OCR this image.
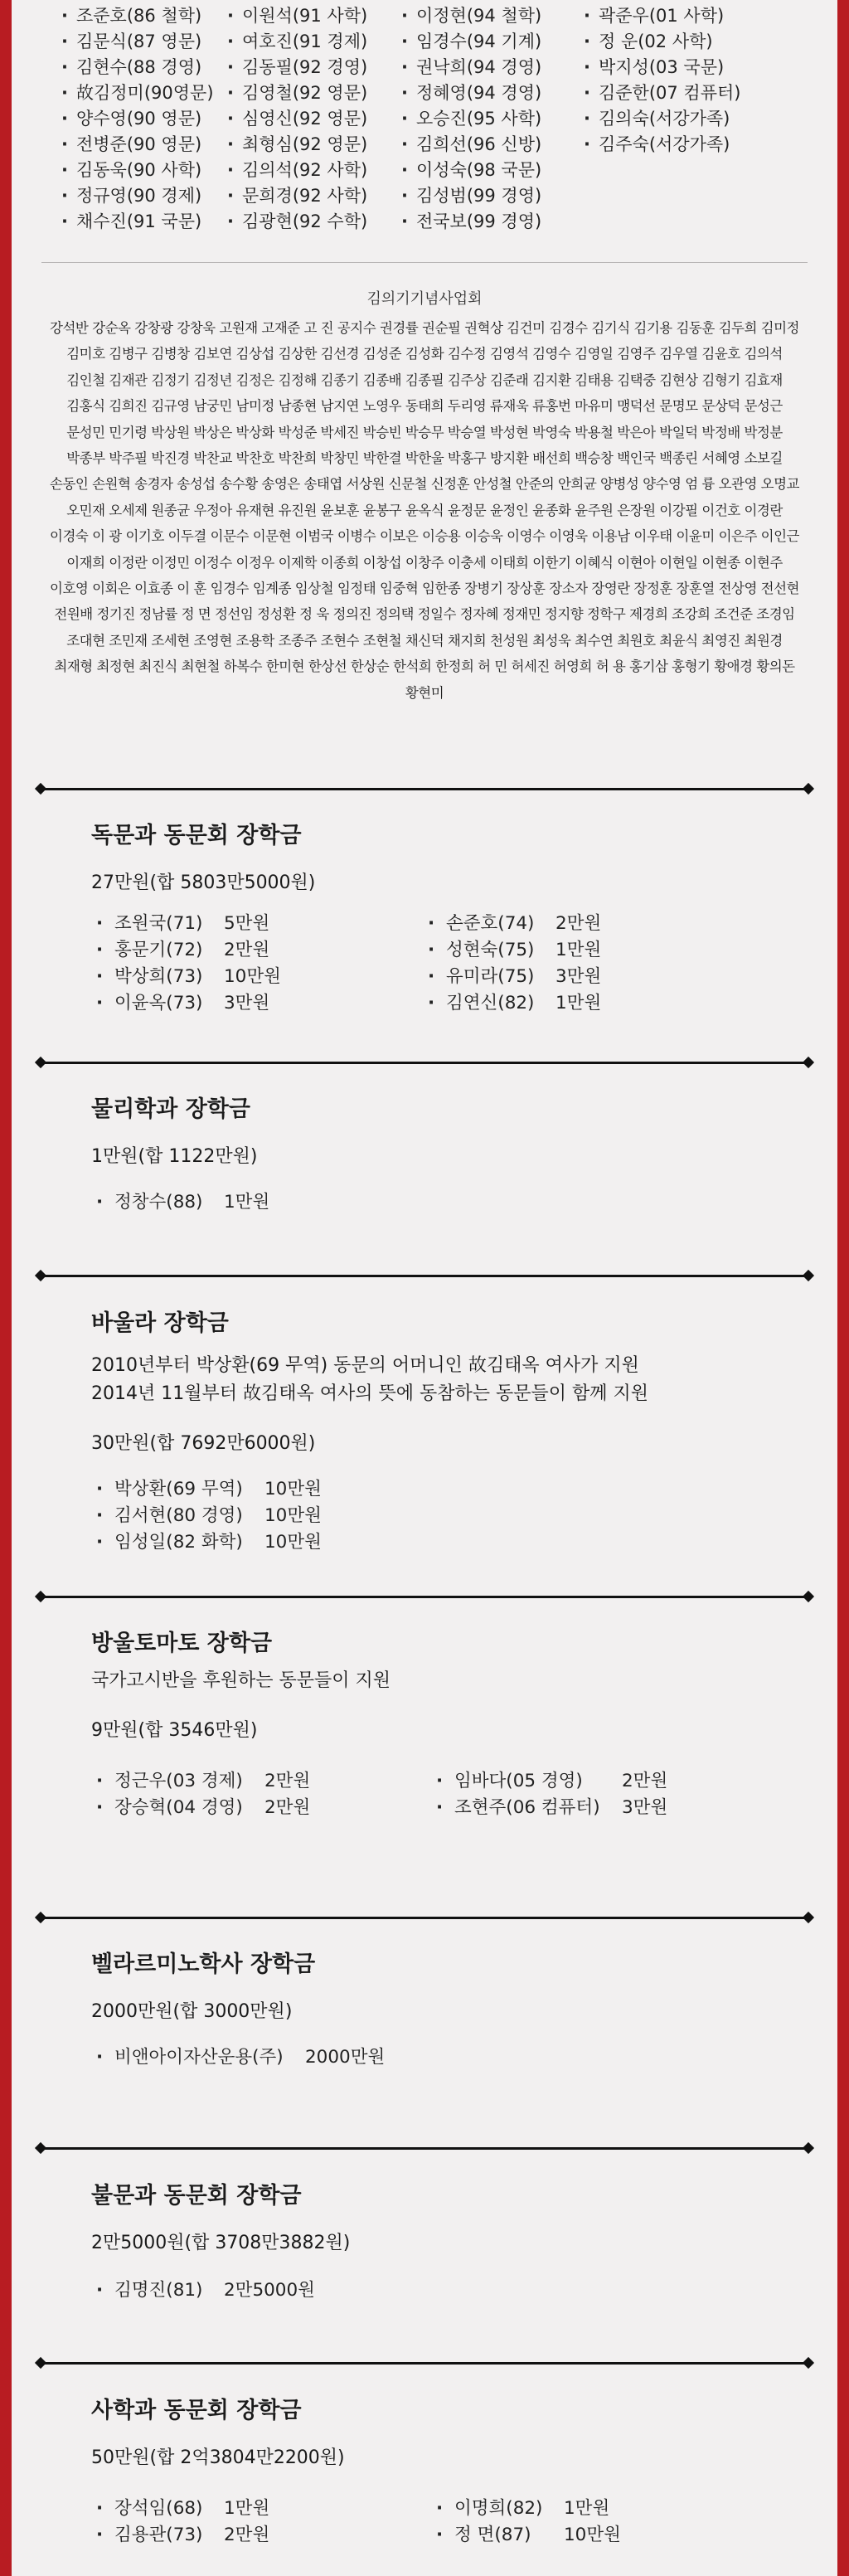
· 조준호(86 철학)
· 김문식(87 영문)
· 김현수(88 경영)
· 故김정미(90영문)
· 양수영(90 영문)
· 전병준(90 영문)
· 김동욱(90 사학)
· 정규영(90 경제)
· 채수진(91 국문)
· 이원석(91 사학)
· 여호진(91 경제)
· 김동필(92 경영)
· 김영철(92 영문)
· 심영신(92 영문)
· 최형심(92 영문)
· 김의석(92 사학)
· 문희경(92 사학)
· 김광현(92 수학)
· 이정현(94 철학)
· 임경수(94 기계)
· 권낙희(94 경영)
· 정혜영(94 경영)
· 오승진(95 사학)
· 김희선(96 신방)
· 이성숙(98 국문)
· 김성범(99 경영)
· 전국보(99 경영)
· 곽준우(01 사학)
· 정 운(02 사학)
· 박지성(03 국문)
· 김준한(07 컴퓨터)
· 김의숙(서강가족)
· 김주숙(서강가족)
김의기기념사업회
강석반 강순옥 강창광 강창욱 고원재 고재준 고 진 공지수 권경률 권순필 권혁상 김건미 김경수 김기식 김기용 김동훈 김두희 김미정 김미호 김병구 김병창 김보연 김상섭 김상한 김선경 김성준 김성화 김수정 김영석 김영수 김영일 김영주 김우열 김윤호 김의석 김인철 김재관 김정기 김정년 김정은 김정해 김종기 김종배 김종필 김주상 김준래 김지환 김태용 김택중 김현상 김형기 김효재 김홍식 김희진 김규영 남궁민 남미정 남종현 남지연 노영우 동태희 두리영 류재욱 류홍번 마유미 맹덕선 문명모 문상덕 문성근 문성민 민기령 박상원 박상은 박상화 박성준 박세진 박승빈 박승무 박승열 박성현 박영숙 박용철 박은아 박일덕 박정배 박정분 박종부 박주필 박진경 박찬교 박찬호 박찬희 박창민 박한결 박한울 박홍구 방지환 배선희 백승창 백인국 백종린 서혜영 소보길 손동인 손원혁 송경자 송성섭 송수황 송영은 송태엽 서상원 신문철 신정훈 안성철 안준의 안희균 양병성 양수영 엄 륭 오관영 오명교 오민재 오세제 원종균 우정아 유재현 유진원 윤보훈 윤봉구 윤옥식 윤정문 윤정인 윤종화 윤주원 은장원 이강필 이건호 이경란 이경숙 이 광 이기호 이두결 이문수 이문현 이범국 이병수 이보은 이승용 이승욱 이영수 이영욱 이용남 이우태 이윤미 이은주 이인근 이재희 이정란 이정민 이정수 이정우 이제학 이종희 이창섭 이창주 이충세 이태희 이한기 이혜식 이현아 이현일 이현종 이현주 이호영 이회은 이효종 이 훈 임경수 임계종 임상철 임정태 임중혁 임한종 장병기 장상훈 장소자 장영란 장정훈 장훈열 전상영 전선현 전원배 정기진 정남률 정 면 정선임 정성환 정 욱 정의진 정의택 정일수 정자혜 정재민 정지향 정학구 제경희 조강희 조건준 조경임 조대현 조민재 조세현 조영현 조용학 조종주 조현수 조현철 채신덕 채지희 천성원 최성욱 최수연 최원호 최윤식 최영진 최원경 최재형 최정현 최진식 최현철 하복수 한미현 한상선 한상순 한석희 한정희 허 민 허세진 허영희 허 용 홍기삼 홍형기 황애경 황의돈 황현미
독문과 동문회 장학금
27만원(합 5803만5000원)
· 조원국(71) 5만원	· 손준호(74) 2만원
· 홍문기(72) 2만원	· 성현숙(75) 1만원
· 박상희(73) 10만원	· 유미라(75) 3만원
· 이윤옥(73) 3만원	· 김연신(82) 1만원
물리학과 장학금
1만원(합 1122만원)
· 정창수(88) 1만원
바울라 장학금
2010년부터 박상환(69 무역) 동문의 어머니인 故김태옥 여사가 지원
2014년 11월부터 故김태옥 여사의 뜻에 동참하는 동문들이 함께 지원
30만원(합 7692만6000원)
· 박상환(69 무역) 10만원
· 김서현(80 경영) 10만원
· 임성일(82 화학) 10만원
방울토마토 장학금
국가고시반을 후원하는 동문들이 지원
9만원(합 3546만원)
· 정근우(03 경제) 2만원	· 임바다(05 경영)	2만원
· 장승혁(04 경영) 2만원	· 조현주(06 컴퓨터) 3만원
벨라르미노학사 장학금
2000만원(합 3000만원)
· 비앤아이자산운용(주) 2000만원
불문과 동문회 장학금
2만5000원(합 3708만3882원)
· 김명진(81) 2만5000원
사학과 동문회 장학금
50만원(합 2억3804만2200원)
· 장석임(68) 1만원	· 이명희(82) 1만원
· 김용관(73) 2만원	· 정 면(87)	10만원
